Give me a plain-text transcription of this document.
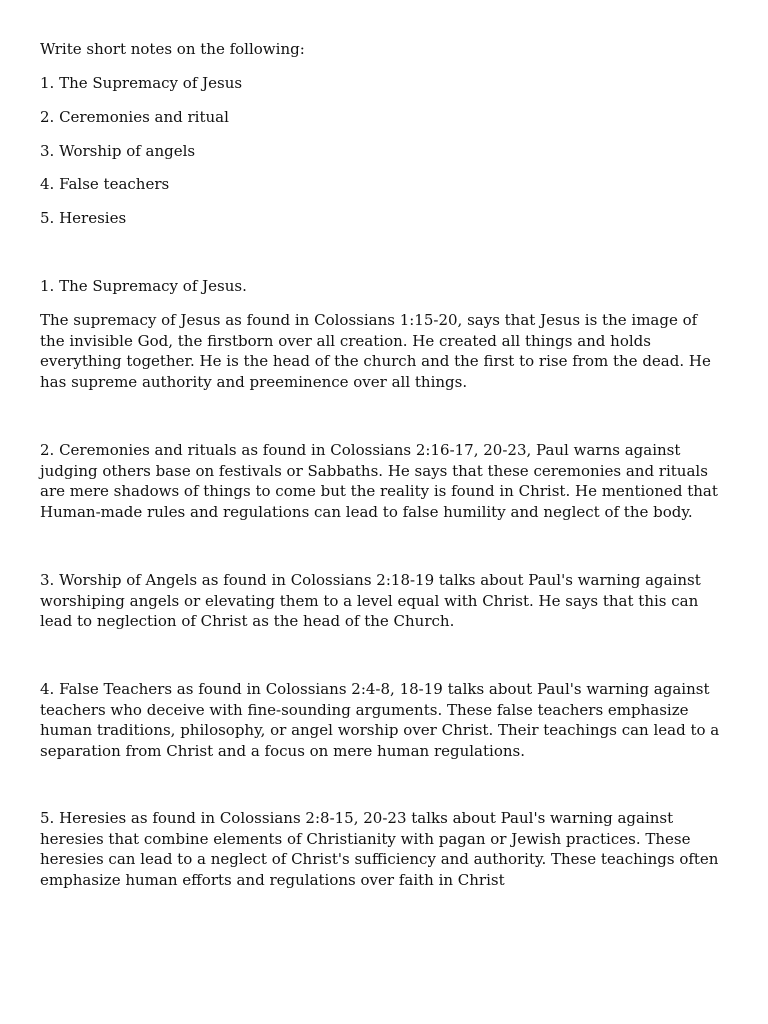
Write short notes on the following:
1. The Supremacy of Jesus
2. Ceremonies and ritual
3. Worship of angels
4. False teachers
5. Heresies
1. The Supremacy of Jesus.
The supremacy of Jesus as found in Colossians 1:15-20, says that Jesus is the image of
the invisible God, the firstborn over all creation. He created all things and holds
everything together. He is the head of the church and the first to rise from the dead. He
has supreme authority and preeminence over all things.
2. Ceremonies and rituals as found in Colossians 2:16-17, 20-23, Paul warns against
judging others base on festivals or Sabbaths. He says that these ceremonies and rituals
are mere shadows of things to come but the reality is found in Christ. He mentioned that
Human-made rules and regulations can lead to false humility and neglect of the body.
3. Worship of Angels as found in Colossians 2:18-19 talks about Paul's warning against
worshiping angels or elevating them to a level equal with Christ. He says that this can
lead to neglection of Christ as the head of the Church.
4. False Teachers as found in Colossians 2:4-8, 18-19 talks about Paul's warning against
teachers who deceive with fine-sounding arguments. These false teachers emphasize
human traditions, philosophy, or angel worship over Christ. Their teachings can lead to a
separation from Christ and a focus on mere human regulations.
5. Heresies as found in Colossians 2:8-15, 20-23 talks about Paul's warning against
heresies that combine elements of Christianity with pagan or Jewish practices. These
heresies can lead to a neglect of Christ's sufficiency and authority. These teachings often
emphasize human efforts and regulations over faith in Christ
